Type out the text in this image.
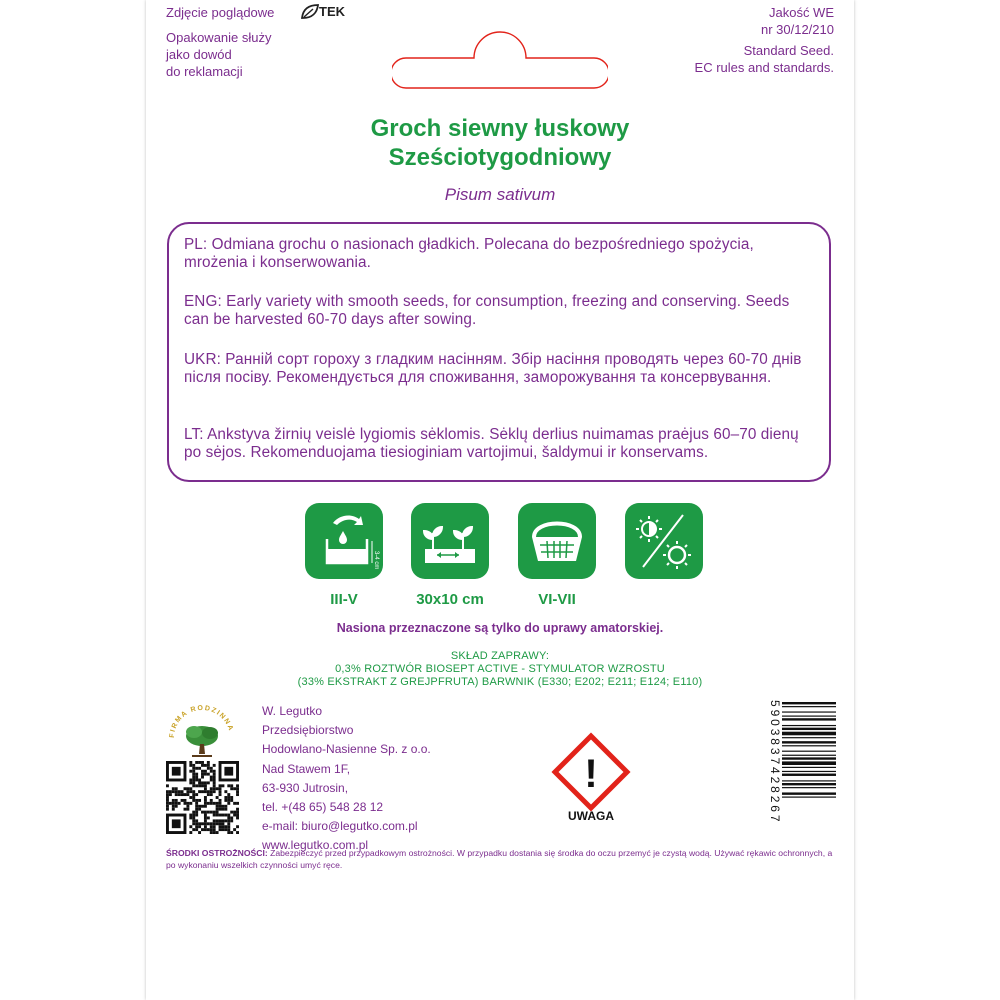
Zdjęcie poglądowe
Opakowanie służy
jako dowód
do reklamacji
TEK	Jakość WE
nr 30/12/210
Standard Seed.
EC rules and standards.
Groch siewny łuskowy
Sześciotygodniowy
Pisum sativum
PL: Odmiana grochu o nasionach gładkich. Polecana do bezpośredniego spożycia, mrożenia i konserwowania.
ENG: Early variety with smooth seeds, for consumption, freezing and conserving. Seeds can be harvested 60-70 days after sowing.
UKR: Ранній сорт гороху з гладким насінням. Збір насіння проводять через 60-70 днів після посіву. Рекомендується для споживання, заморожування та консервування.
LT: Ankstyva žirnių veislė lygiomis sėklomis. Sėklų derlius nuimamas praėjus 60–70 dienų po sėjos. Rekomenduojama tiesioginiam vartojimui, šaldymui ir konservams.
3-4 cm
III-V	30x10 cm	VI-VII
Nasiona przeznaczone są tylko do uprawy amatorskiej.
SKŁAD ZAPRAWY:
0,3% ROZTWÓR BIOSEPT ACTIVE - STYMULATOR WZROSTU
(33% EKSTRAKT Z GREJPFRUTA) BARWNIK (E330; E202; E211; E124; E110)
FIRMA RODZINNA
W. Legutko
Przedsiębiorstwo
Hodowlano-Nasienne Sp. z o.o.
Nad Stawem 1F,
63-930 Jutrosin,
tel. +(48 65) 548 28 12
e-mail: biuro@legutko.com.pl
www.legutko.com.pl
!
UWAGA	5903837428267
ŚRODKI OSTROŻNOŚCI: Zabezpieczyć przed przypadkowym ostrożności. W przypadku dostania się środka do oczu przemyć je czystą wodą. Używać rękawic ochronnych, a po wykonaniu wszelkich czynności umyć ręce.
